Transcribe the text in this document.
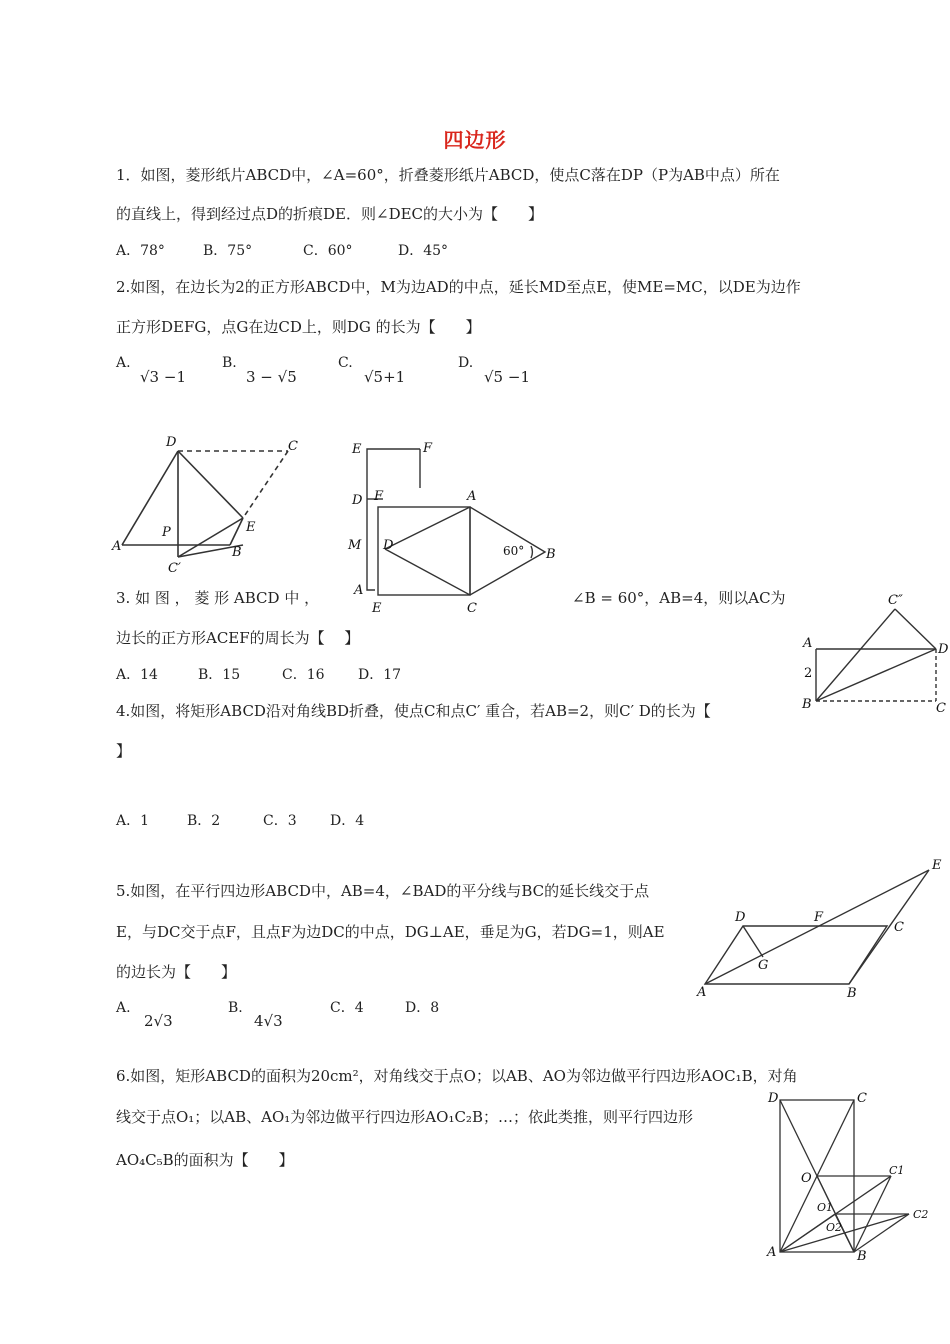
四边形
1．如图，菱形纸片ABCD中，∠A=60°，折叠菱形纸片ABCD，使点C落在DP（P为AB中点）所在
的直线上，得到经过点D的折痕DE．则∠DEC的大小为【　　】
A．78°	B．75°	C．60°	D．45°
2.如图，在边长为2的正方形ABCD中，M为边AD的中点，延长MD至点E，使ME=MC，以DE为边作
正方形DEFG，点G在边CD上，则DG 的长为【　　】
A.
√3 −1
B.
3 − √5
C.
√5+1
D.
√5 −1
D	C
P
A	B
E
C′
E	F
D F
M D
A
A
E	C
B
60°
3. 如 图 ， 菱 形 ABCD 中 ，	∠B = 60°，AB=4，则以AC为
边长的正方形ACEF的周长为【 　】
A．14	B．15	C．16 D．17
C″
A	D
2
B	C
4.如图，将矩形ABCD沿对角线BD折叠，使点C和点C′ 重合，若AB=2，则C′ D的长为【
】
A．1	B．2	C．3 D．4
5.如图，在平行四边形ABCD中，AB=4，∠BAD的平分线与BC的延长线交于点
E，与DC交于点F，且点F为边DC的中点，DG⊥AE，垂足为G，若DG=1，则AE
的边长为【　　】
A.
2√3
B.
4√3
C．4	D．8
E
D	F
C
G
A	B
6.如图，矩形ABCD的面积为20cm²，对角线交于点O；以AB、AO为邻边做平行四边形AOC₁B，对角
线交于点O₁；以AB、AO₁为邻边做平行四边形AO₁C₂B；…；依此类推，则平行四边形
AO₄C₅B的面积为【　　】
D	C
O
C1
O1
O2
C2
A	B
